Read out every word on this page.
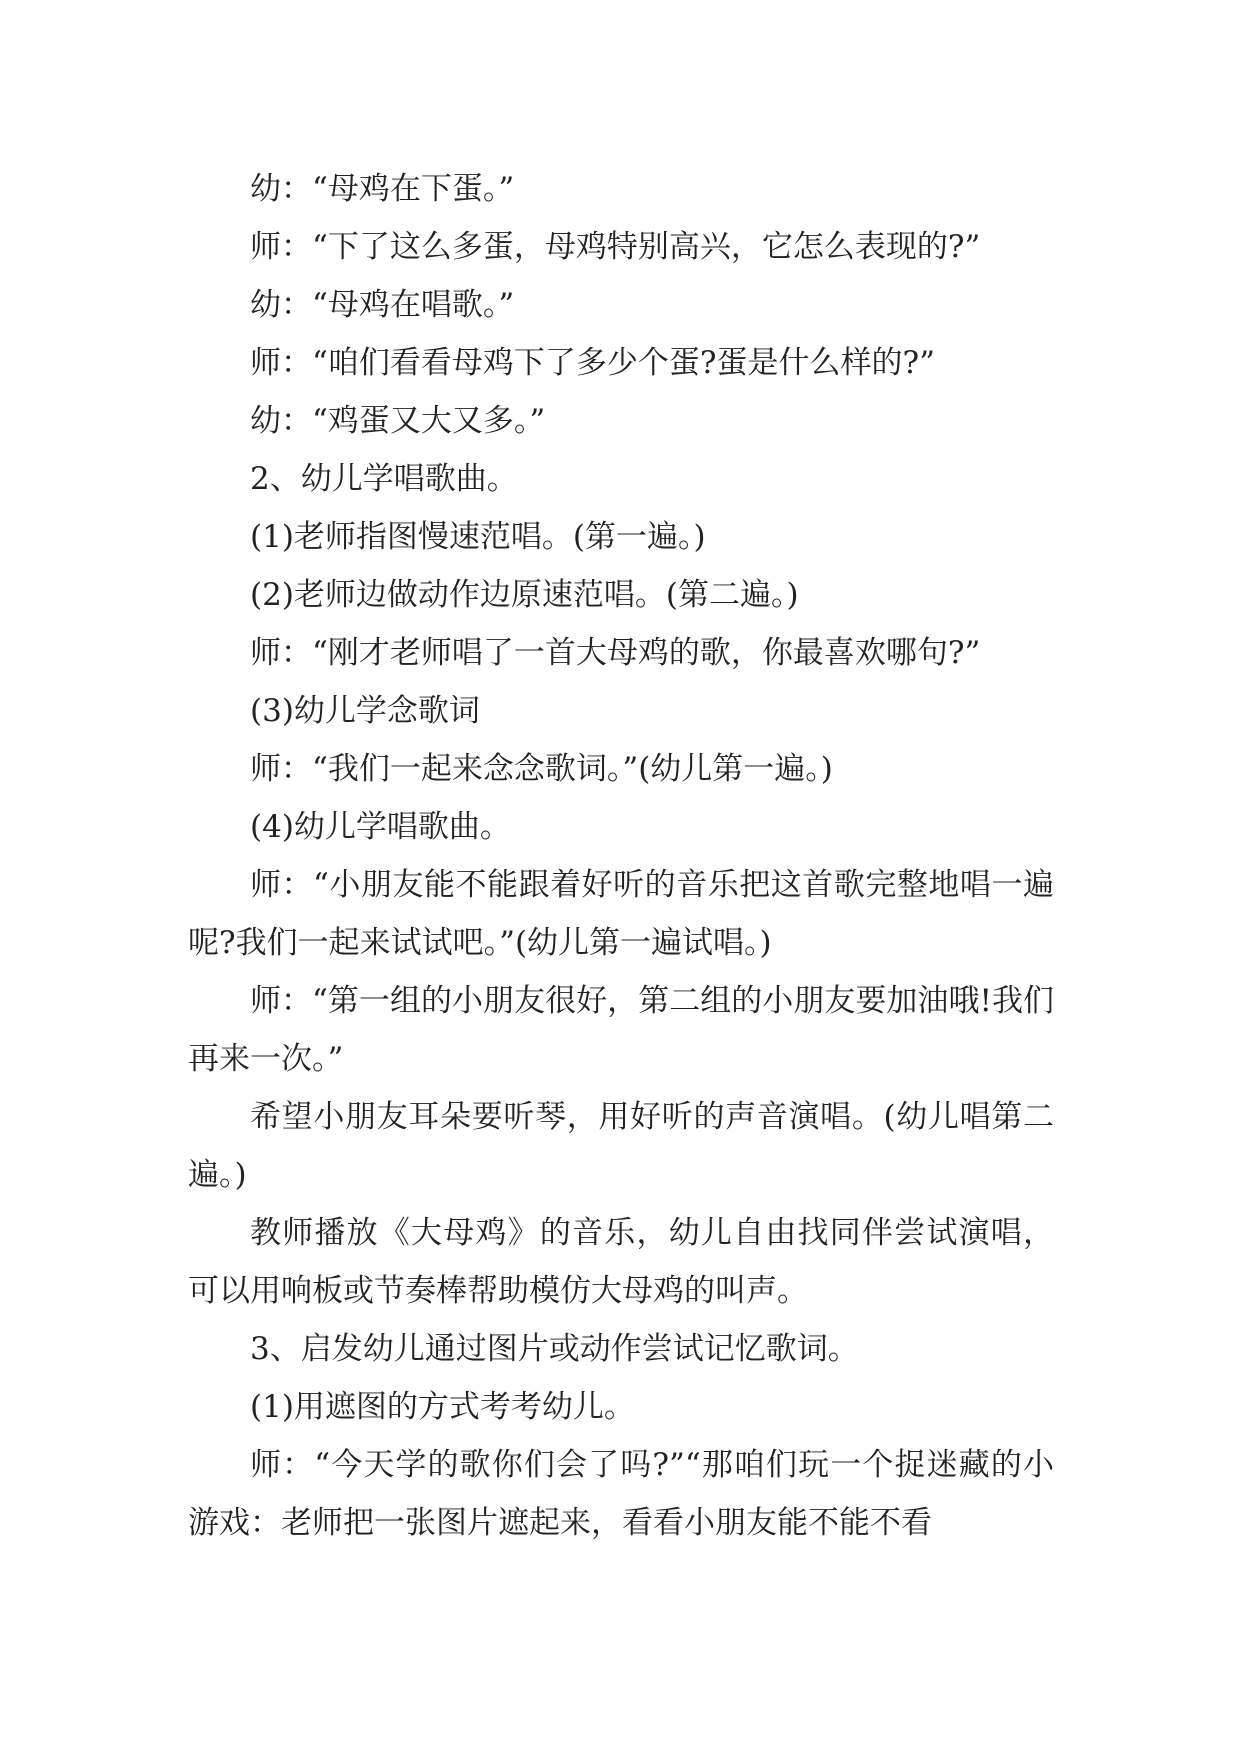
幼：“母鸡在下蛋。”

师：“下了这么多蛋，母鸡特别高兴，它怎么表现的?”

幼：“母鸡在唱歌。”

师：“咱们看看母鸡下了多少个蛋?蛋是什么样的?”

幼：“鸡蛋又大又多。”

2、幼儿学唱歌曲。

(1)老师指图慢速范唱。(第一遍。)

(2)老师边做动作边原速范唱。(第二遍。)

师：“刚才老师唱了一首大母鸡的歌，你最喜欢哪句?”

(3)幼儿学念歌词

师：“我们一起来念念歌词。”(幼儿第一遍。)

(4)幼儿学唱歌曲。

师：“小朋友能不能跟着好听的音乐把这首歌完整地唱一遍呢?我们一起来试试吧。”(幼儿第一遍试唱。)

师：“第一组的小朋友很好，第二组的小朋友要加油哦!我们再来一次。”

希望小朋友耳朵要听琴，用好听的声音演唱。(幼儿唱第二遍。)

教师播放《大母鸡》的音乐，幼儿自由找同伴尝试演唱，可以用响板或节奏棒帮助模仿大母鸡的叫声。

3、启发幼儿通过图片或动作尝试记忆歌词。

(1)用遮图的方式考考幼儿。

师：“今天学的歌你们会了吗?”“那咱们玩一个捉迷藏的小游戏：老师把一张图片遮起来，看看小朋友能不能不看
